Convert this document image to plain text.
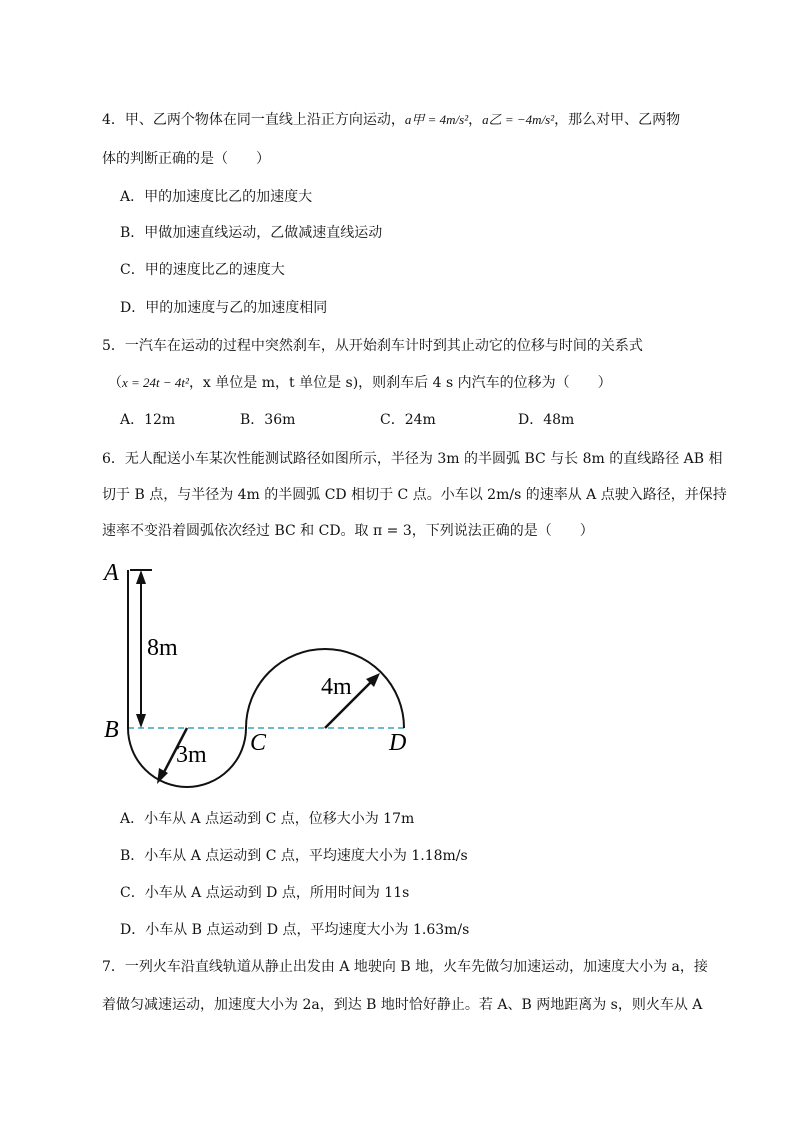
4．甲、乙两个物体在同一直线上沿正方向运动，a甲 = 4m/s²，a乙 = −4m/s²，那么对甲、乙两物
体的判断正确的是（　　）
A．甲的加速度比乙的加速度大
B．甲做加速直线运动，乙做减速直线运动
C．甲的速度比乙的速度大
D．甲的加速度与乙的加速度相同
5．一汽车在运动的过程中突然刹车，从开始刹车计时到其止动它的位移与时间的关系式
（x = 24t − 4t²，x 单位是 m，t 单位是 s)，则刹车后 4 s 内汽车的位移为（　　）
A．12m	B．36m	C．24m	D．48m
6．无人配送小车某次性能测试路径如图所示，半径为 3m 的半圆弧 BC 与长 8m 的直线路径 AB 相
切于 B 点，与半径为 4m 的半圆弧 CD 相切于 C 点。小车以 2m/s 的速率从 A 点驶入路径，并保持
速率不变沿着圆弧依次经过 BC 和 CD。取 π = 3，下列说法正确的是（　　）
A
B	C	D
8m
3m
4m
A．小车从 A 点运动到 C 点，位移大小为 17m
B．小车从 A 点运动到 C 点，平均速度大小为 1.18m/s
C．小车从 A 点运动到 D 点，所用时间为 11s
D．小车从 B 点运动到 D 点，平均速度大小为 1.63m/s
7．一列火车沿直线轨道从静止出发由 A 地驶向 B 地，火车先做匀加速运动，加速度大小为 a，接
着做匀减速运动，加速度大小为 2a，到达 B 地时恰好静止。若 A、B 两地距离为 s，则火车从 A
